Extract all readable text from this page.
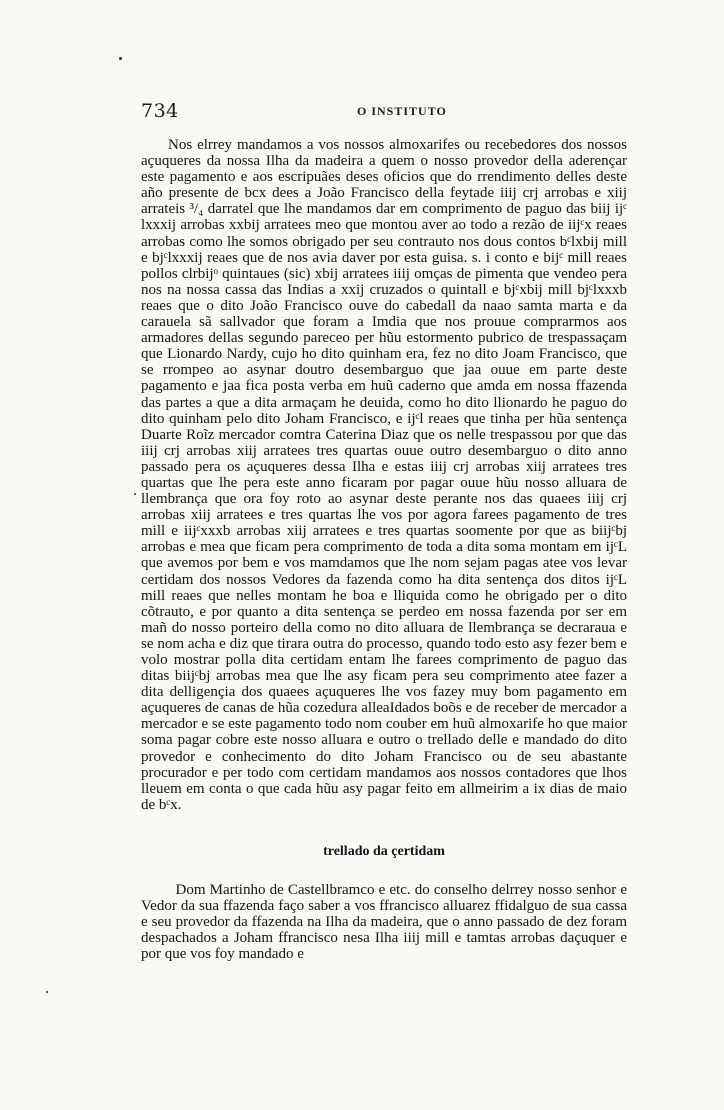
734	O INSTITUTO

Nos elrrey mandamos a vos nossos almoxarifes ou recebedores dos nossos açuqueres da nossa Ilha da madeira a quem o nosso provedor della aderençar este pagamento e aos escripuães deses oficios que do rrendimento delles deste año presente de bcx dees a João Francisco della feytade iiij crj arrobas e xiij arrateis ³/₄ darratel que lhe mandamos dar em comprimento de paguo das biij ijᶜ lxxxij arrobas xxbij arratees meo que montou aver ao todo a rezão de iijᶜx reaes arrobas como lhe somos obrigado per seu contrauto nos dous contos bᶜlxbij mill e bjᶜlxxxij reaes que de nos avia daver por esta guisa. s. i conto e bijᶜ mill reaes pollos clrbijᵒ quintaues (sic) xbij arratees iiij omças de pimenta que vendeo pera nos na nossa cassa das Indias a xxij cruzados o quintall e bjᶜxbij mill bjᶜlxxxb reaes que o dito João Francisco ouve do cabedall da naao samta marta e da carauela sã sallvador que foram a Imdia que nos prouue comprarmos aos armadores dellas segundo pareceo per hũu estormento pubrico de trespassaçam que Lionardo Nardy, cujo ho dito quinham era, fez no dito Joam Francisco, que se rrompeo ao asynar doutro desembarguo que jaa ouue em parte deste pagamento e jaa fica posta verba em huũ caderno que amda em nossa ffazenda das partes a que a dita armaçam he deuida, como ho dito llionardo he paguo do dito quinham pelo dito Joham Francisco, e ijᶜl reaes que tinha per hũa sentença Duarte Roĩz mercador comtra Caterina Diaz que os nelle trespassou por que das iiij crj arrobas xiij arratees tres quartas ouue outro desembarguo o dito anno passado pera os açuqueres dessa Ilha e estas iiij crj arrobas xiij arratees tres quartas que lhe pera este anno ficaram por pagar ouue hũu nosso alluara de llembrança que ora foy roto ao asynar deste perante nos das quaees iiij crj arrobas xiij arratees e tres quartas lhe vos por agora farees pagamento de tres mill e iijᶜxxxb arrobas xiij arratees e tres quartas soomente por que as biijᶜbj arrobas e mea que ficam pera comprimento de toda a dita soma montam em ijᶜL que avemos por bem e vos mamdamos que lhe nom sejam pagas atee vos levar certidam dos nossos Vedores da fazenda como ha dita sentença dos ditos ijᶜL mill reaes que nelles montam he boa e lliquida como he obrigado per o dito cõtrauto, e por quanto a dita sentença se perdeo em nossa fazenda por ser em mañ do nosso porteiro della como no dito alluara de llembrança se decraraua e se nom acha e diz que tirara outra do processo, quando todo esto asy fezer bem e volo mostrar polla dita certidam entam lhe farees comprimento de paguo das ditas biijᶜbj arrobas mea que lhe asy ficam pera seu comprimento atee fazer a dita delligençia dos quaees açuqueres lhe vos fazey muy bom pagamento em açuqueres de canas de hũa cozedura alleaIdados boõs e de receber de mercador a mercador e se este pagamento todo nom couber em huũ almoxarife ho que maior soma pagar cobre este nosso alluara e outro o trellado delle e mandado do dito provedor e conhecimento do dito Joham Francisco ou de seu abastante procurador e per todo com certidam mandamos aos nossos contadores que lhos lleuem em conta o que cada hũu asy pagar feito em allmeirim a ix dias de maio de bᶜx.

trellado da çertidam

Dom Martinho de Castellbramco e etc. do conselho delrrey nosso senhor e Vedor da sua ffazenda faço saber a vos ffrancisco alluarez ffidalguo de sua cassa e seu provedor da ffazenda na Ilha da madeira, que o anno passado de dez foram despachados a Joham ffrancisco nesa Ilha iiij mill e tamtas arrobas daçuquer e por que vos foy mandado e
